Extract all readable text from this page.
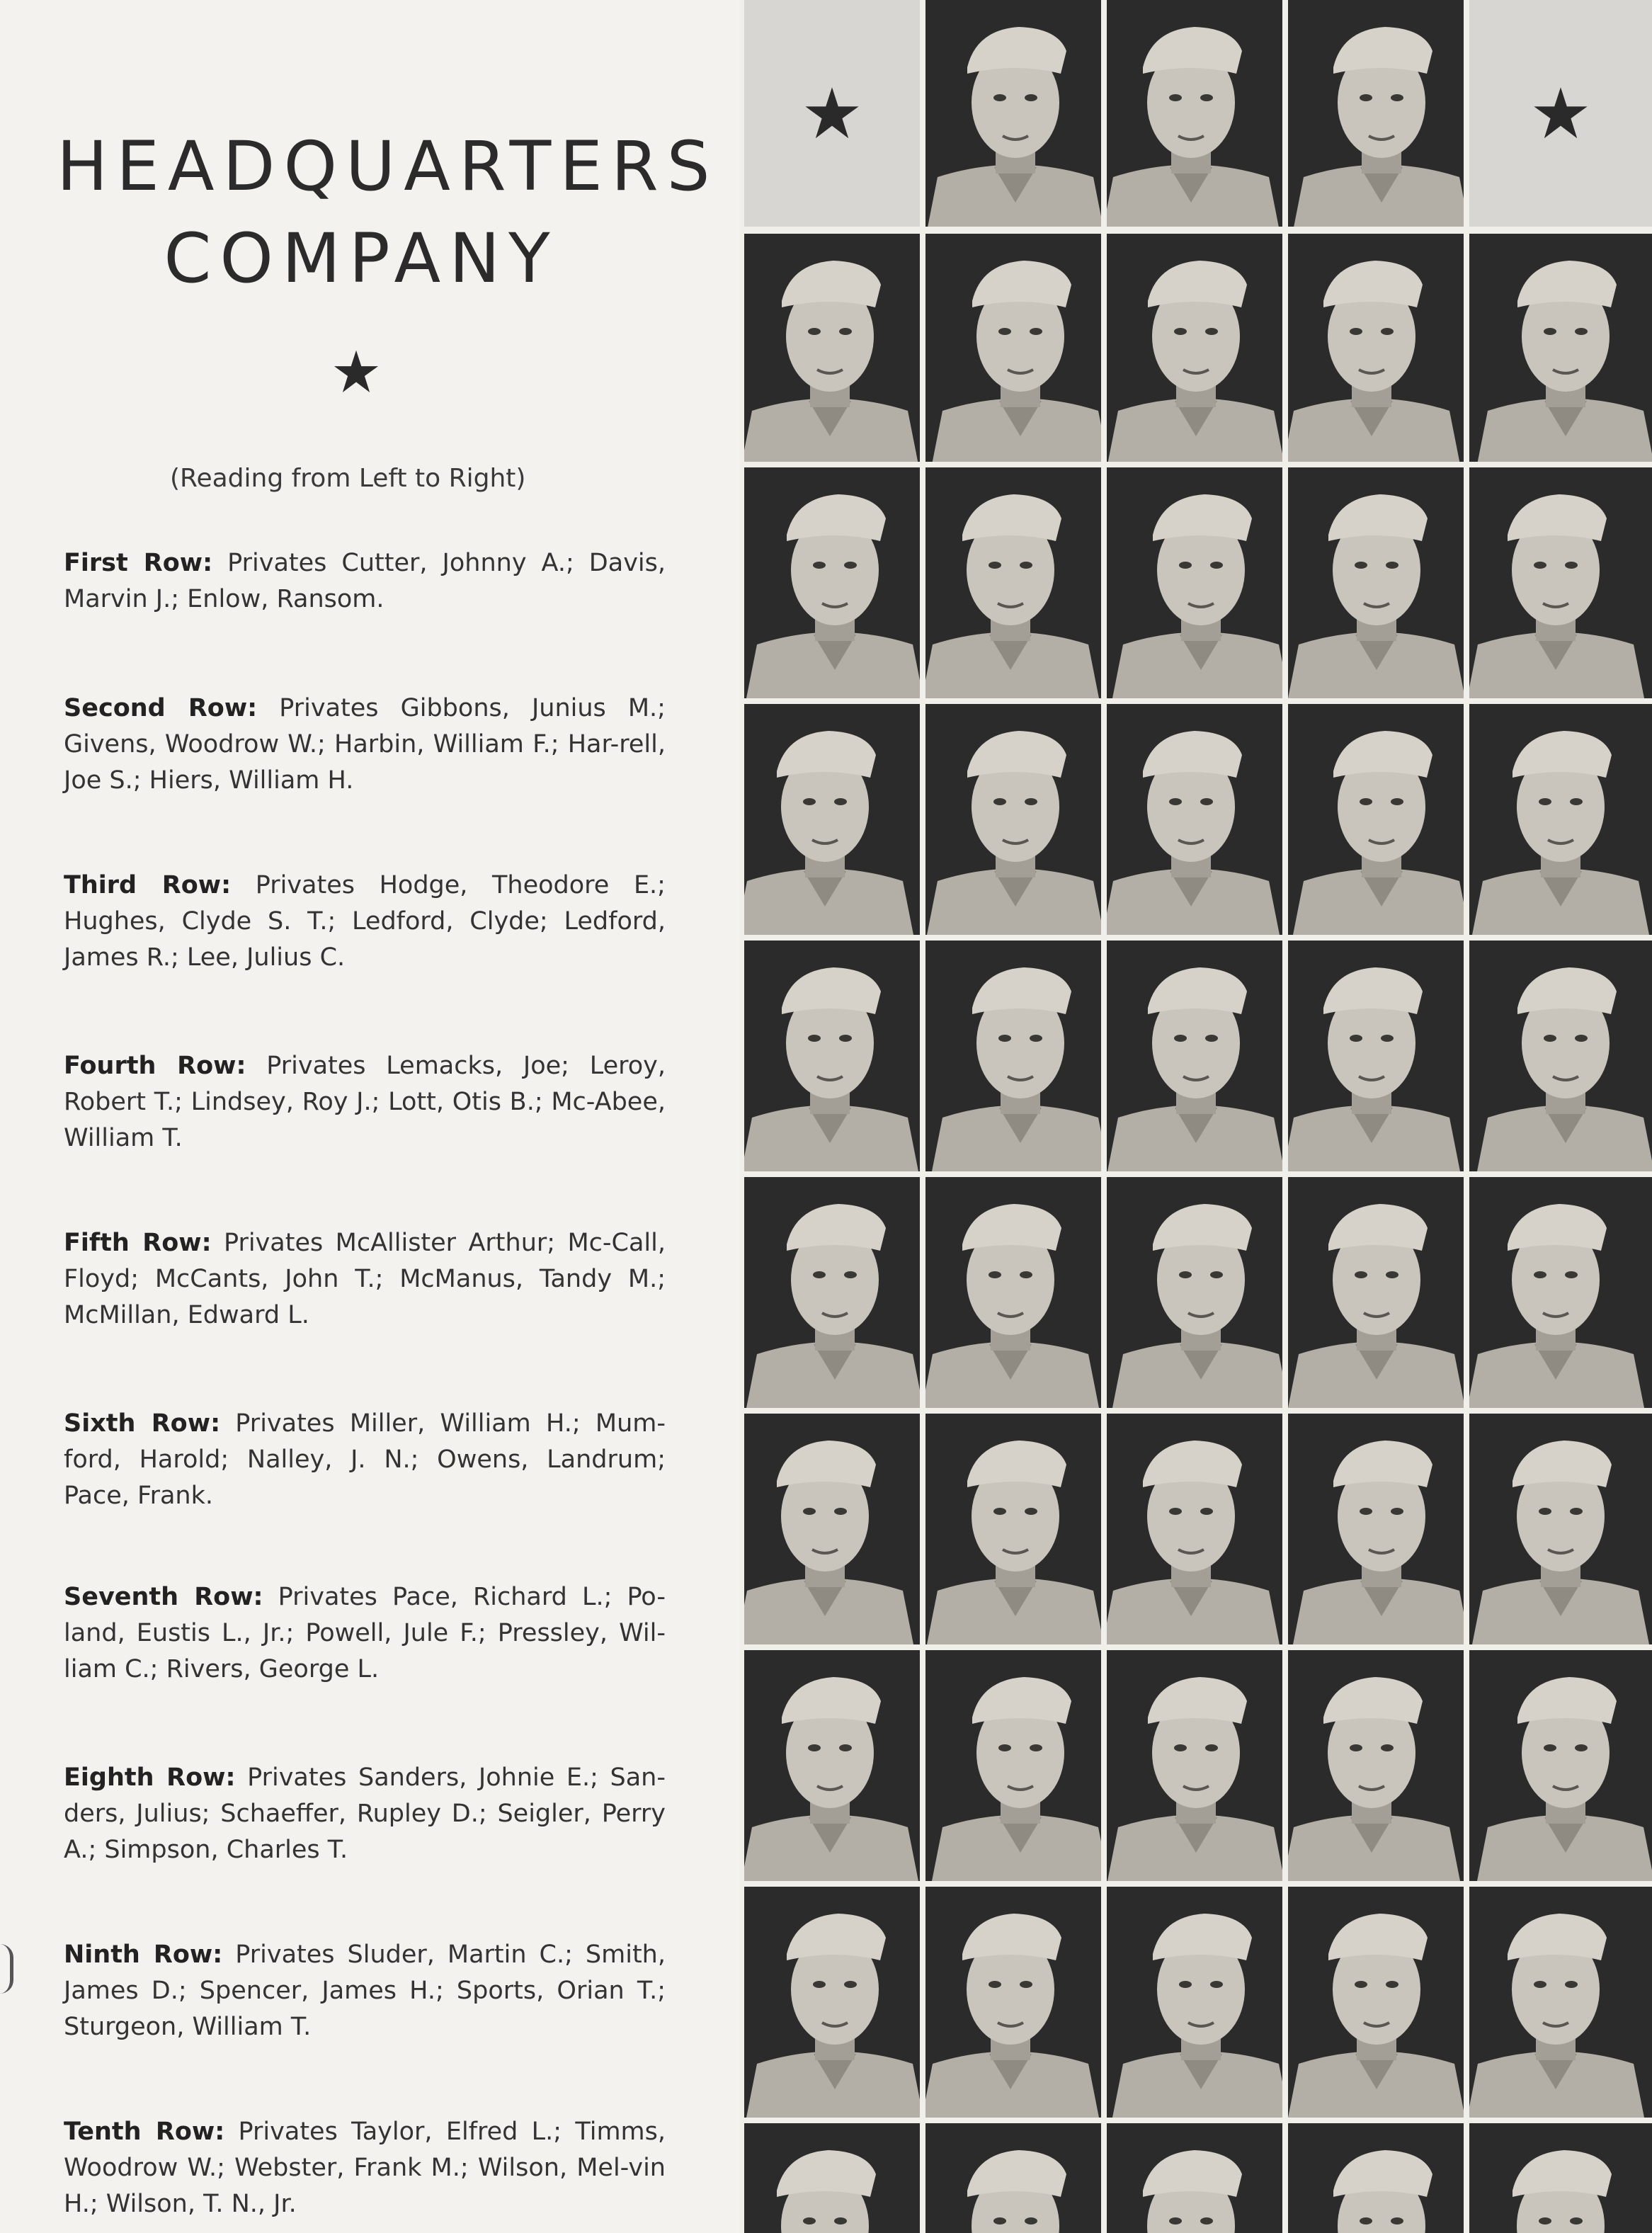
HEADQUARTERS
COMPANY
(Reading from Left to Right)
First Row: Privates Cutter, Johnny A.; Davis, Marvin J.; Enlow, Ransom.
Second Row: Privates Gibbons, Junius M.; Givens, Woodrow W.; Harbin, William F.; Har-rell, Joe S.; Hiers, William H.
Third Row: Privates Hodge, Theodore E.; Hughes, Clyde S. T.; Ledford, Clyde; Ledford, James R.; Lee, Julius C.
Fourth Row: Privates Lemacks, Joe; Leroy, Robert T.; Lindsey, Roy J.; Lott, Otis B.; Mc-Abee, William T.
Fifth Row: Privates McAllister Arthur; Mc-Call, Floyd; McCants, John T.; McManus, Tandy M.; McMillan, Edward L.
Sixth Row: Privates Miller, William H.; Mum-ford, Harold; Nalley, J. N.; Owens, Landrum; Pace, Frank.
Seventh Row: Privates Pace, Richard L.; Po-land, Eustis L., Jr.; Powell, Jule F.; Pressley, Wil-liam C.; Rivers, George L.
Eighth Row: Privates Sanders, Johnie E.; San-ders, Julius; Schaeffer, Rupley D.; Seigler, Perry A.; Simpson, Charles T.
Ninth Row: Privates Sluder, Martin C.; Smith, James D.; Spencer, James H.; Sports, Orian T.; Sturgeon, William T.
Tenth Row: Privates Taylor, Elfred L.; Timms, Woodrow W.; Webster, Frank M.; Wilson, Mel-vin H.; Wilson, T. N., Jr.
